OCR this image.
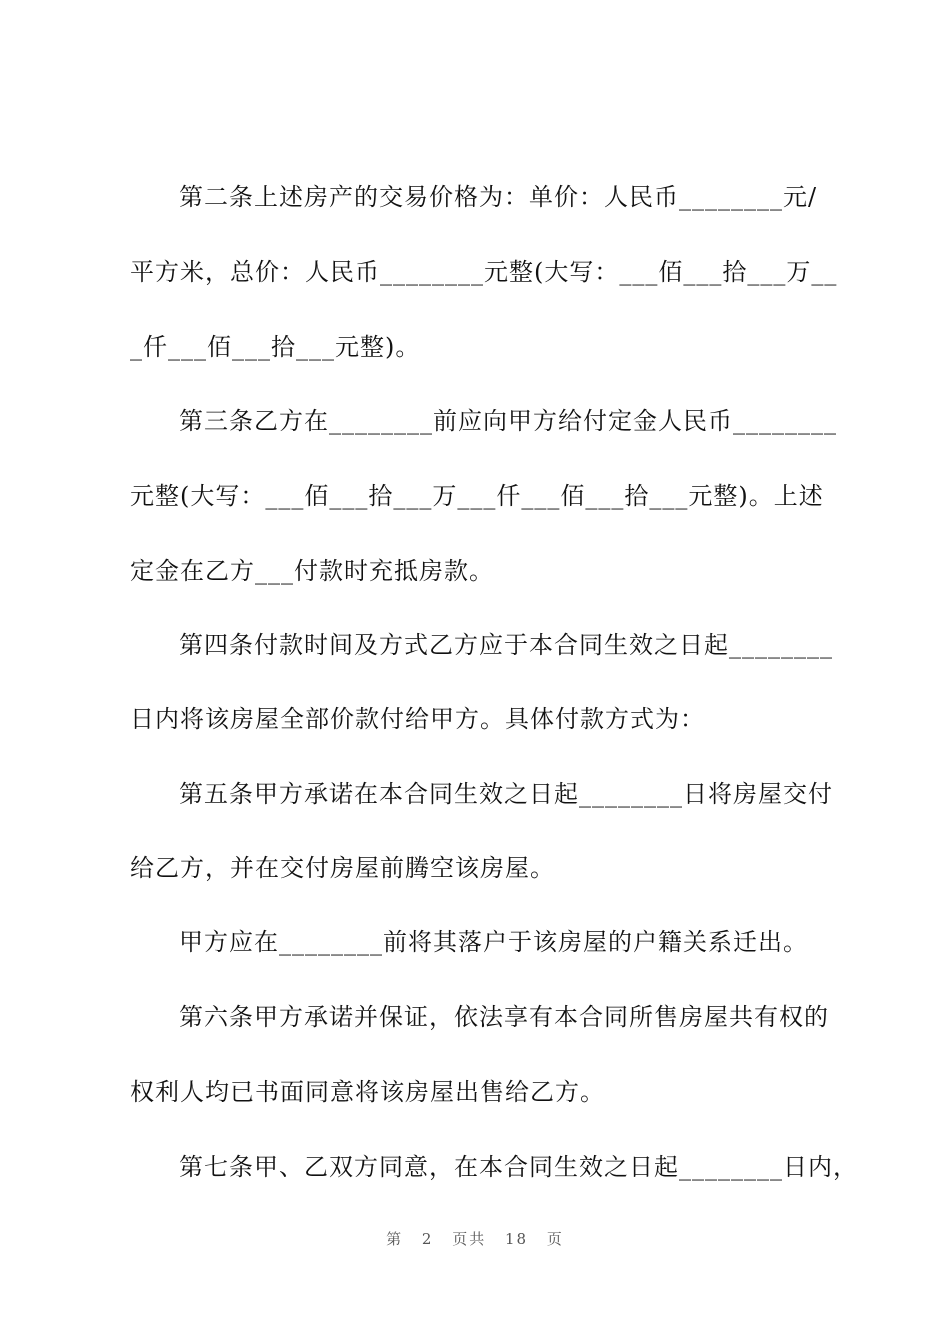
第二条上述房产的交易价格为：单价：人民币________元/
平方米，总价：人民币________元整(大写：___佰___拾___万__
_仟___佰___拾___元整)。
第三条乙方在________前应向甲方给付定金人民币________
元整(大写：___佰___拾___万___仟___佰___拾___元整)。上述
定金在乙方___付款时充抵房款。
第四条付款时间及方式乙方应于本合同生效之日起________
日内将该房屋全部价款付给甲方。具体付款方式为：
第五条甲方承诺在本合同生效之日起________日将房屋交付
给乙方，并在交付房屋前腾空该房屋。
甲方应在________前将其落户于该房屋的户籍关系迁出。
第六条甲方承诺并保证，依法享有本合同所售房屋共有权的
权利人均已书面同意将该房屋出售给乙方。
第七条甲、乙双方同意，在本合同生效之日起________日内，
第 2 页共 18 页
